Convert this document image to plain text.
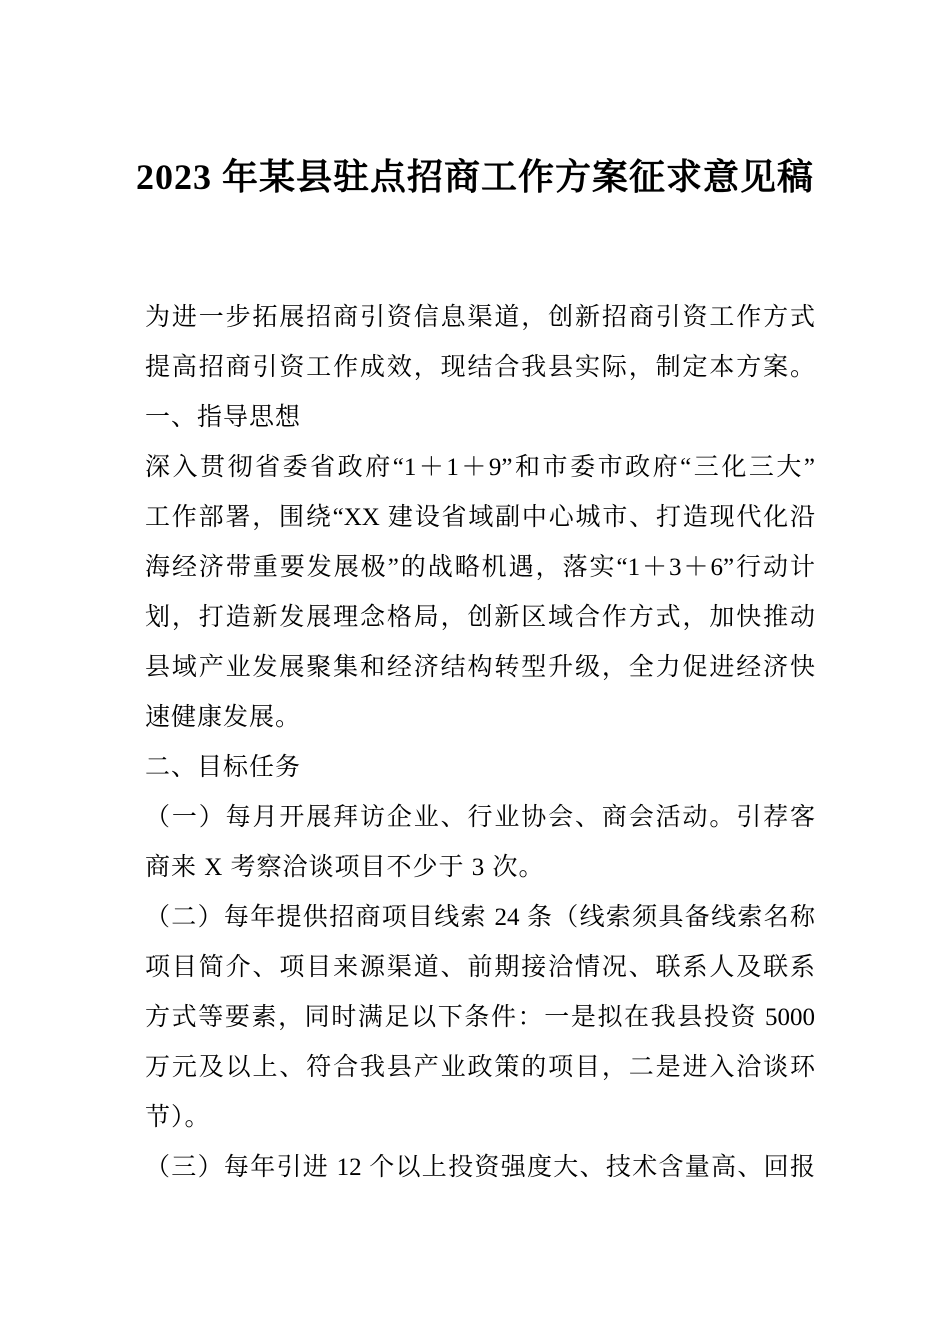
2023 年某县驻点招商工作方案征求意见稿
为进一步拓展招商引资信息渠道，创新招商引资工作方式
提高招商引资工作成效，现结合我县实际，制定本方案。
一、指导思想
深入贯彻省委省政府“1＋1＋9”和市委市政府“三化三大”
工作部署，围绕“XX 建设省域副中心城市、打造现代化沿
海经济带重要发展极”的战略机遇，落实“1＋3＋6”行动计
划，打造新发展理念格局，创新区域合作方式，加快推动
县域产业发展聚集和经济结构转型升级，全力促进经济快
速健康发展。
二、目标任务
（一）每月开展拜访企业、行业协会、商会活动。引荐客
商来 X 考察洽谈项目不少于 3 次。
（二）每年提供招商项目线索 24 条（线索须具备线索名称
项目简介、项目来源渠道、前期接洽情况、联系人及联系
方式等要素，同时满足以下条件：一是拟在我县投资 5000
万元及以上、符合我县产业政策的项目，二是进入洽谈环
节）。
（三）每年引进 12 个以上投资强度大、技术含量高、回报
